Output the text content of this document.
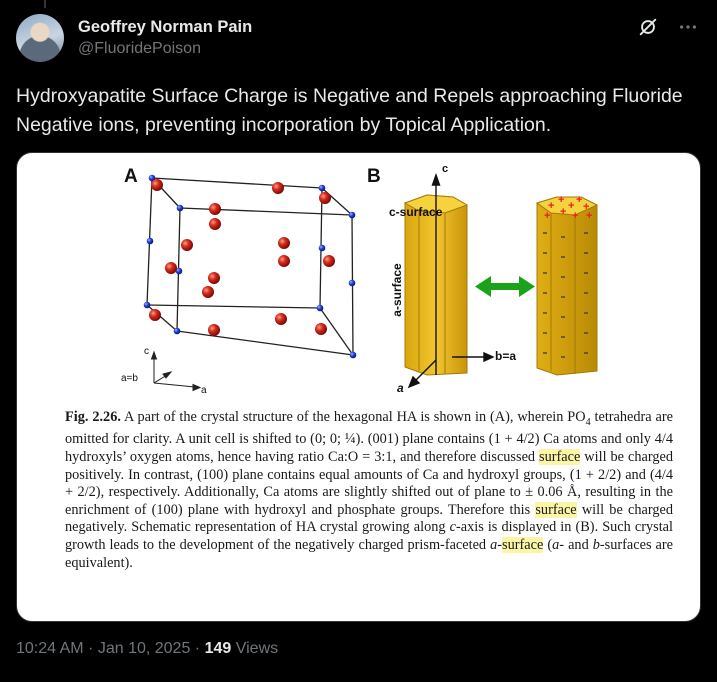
Geoffrey Norman Pain
@FluoridePoison
Hydroxyapatite Surface Charge is Negative and Repels approaching Fluoride Negative ions, preventing incorporation by Topical Application.
A	B
c
a=b
a
+ + + +
+
+ +
+
+
c
c-surface
a-surface
b=a
a
Fig. 2.26. A part of the crystal structure of the hexagonal HA is shown in (A), wherein $PO_4$ tetrahedra are omitted for clarity. A unit cell is shifted to (0; 0; ¼). (001) plane contains (1 + 4/2) Ca atoms and only 4/4 hydroxyls’ oxygen atoms, hence having ratio Ca:O = 3:1, and therefore discussed surface will be charged positively. In contrast, (100) plane contains equal amounts of Ca and hydroxyl groups, (1 + 2/2) and (4/4 + 2/2), respectively. Additionally, Ca atoms are slightly shifted out of plane to ± 0.06 Å, resulting in the enrichment of (100) plane with hydroxyl and phosphate groups. Therefore this surface will be charged negatively. Schematic representation of HA crystal growing along c-axis is displayed in (B). Such crystal growth leads to the development of the negatively charged prism-faceted a-surface (a- and b-surfaces are equivalent).
10:24 AM · Jan 10, 2025 · 149 Views
